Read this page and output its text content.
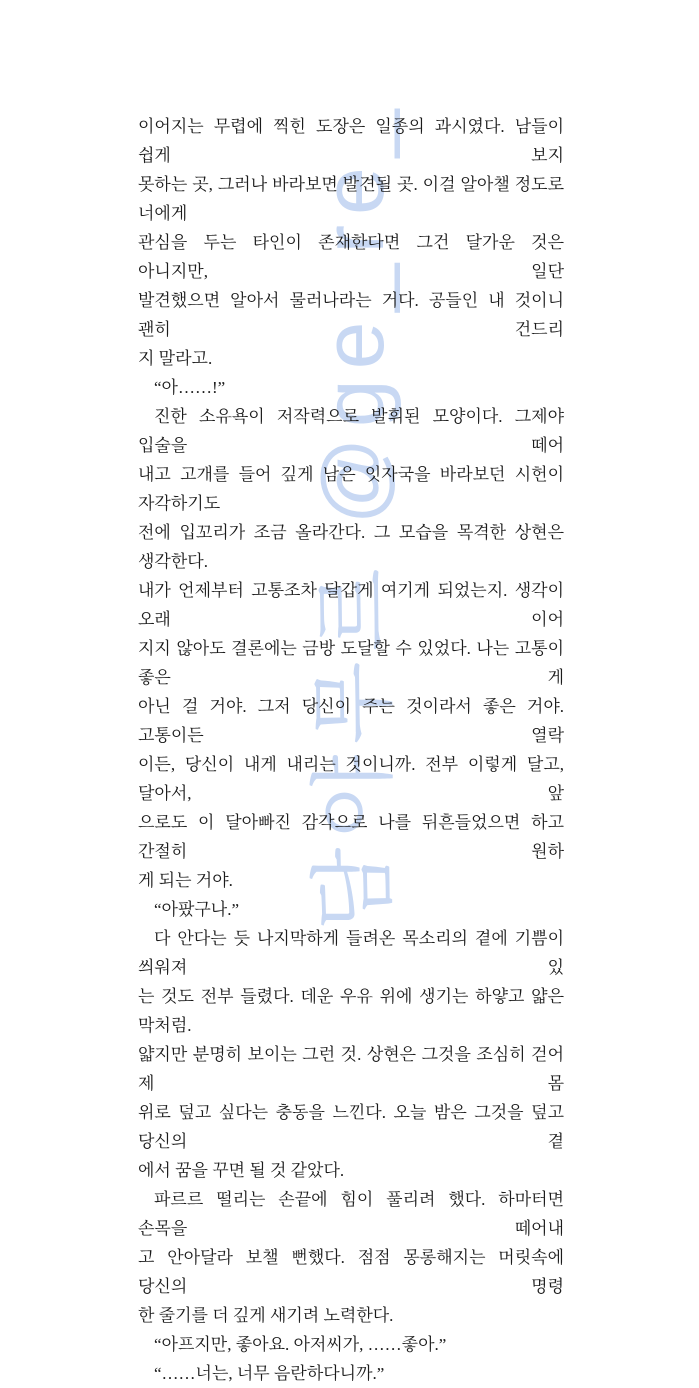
담야무르 @ge_re_
이어지는 무렵에 찍힌 도장은 일종의 과시였다. 남들이 쉽게 보지
못하는 곳, 그러나 바라보면 발견될 곳. 이걸 알아챌 정도로 너에게
관심을 두는 타인이 존재한다면 그건 달가운 것은 아니지만, 일단
발견했으면 알아서 물러나라는 거다. 공들인 내 것이니 괜히 건드리
지 말라고.
“아……!”
진한 소유욕이 저작력으로 발휘된 모양이다. 그제야 입술을 떼어
내고 고개를 들어 깊게 남은 잇자국을 바라보던 시헌이 자각하기도
전에 입꼬리가 조금 올라간다. 그 모습을 목격한 상현은 생각한다.
내가 언제부터 고통조차 달갑게 여기게 되었는지. 생각이 오래 이어
지지 않아도 결론에는 금방 도달할 수 있었다. 나는 고통이 좋은 게
아닌 걸 거야. 그저 당신이 주는 것이라서 좋은 거야. 고통이든 열락
이든, 당신이 내게 내리는 것이니까. 전부 이렇게 달고, 달아서, 앞
으로도 이 달아빠진 감각으로 나를 뒤흔들었으면 하고 간절히 원하
게 되는 거야.
“아팠구나.”
다 안다는 듯 나지막하게 들려온 목소리의 곁에 기쁨이 씌워져 있
는 것도 전부 들렸다. 데운 우유 위에 생기는 하얗고 얇은 막처럼.
얇지만 분명히 보이는 그런 것. 상현은 그것을 조심히 걷어 제 몸
위로 덮고 싶다는 충동을 느낀다. 오늘 밤은 그것을 덮고 당신의 곁
에서 꿈을 꾸면 될 것 같았다.
파르르 떨리는 손끝에 힘이 풀리려 했다. 하마터면 손목을 떼어내
고 안아달라 보챌 뻔했다. 점점 몽롱해지는 머릿속에 당신의 명령
한 줄기를 더 깊게 새기려 노력한다.
“아프지만, 좋아요. 아저씨가, ……좋아.”
“……너는, 너무 음란하다니까.”
